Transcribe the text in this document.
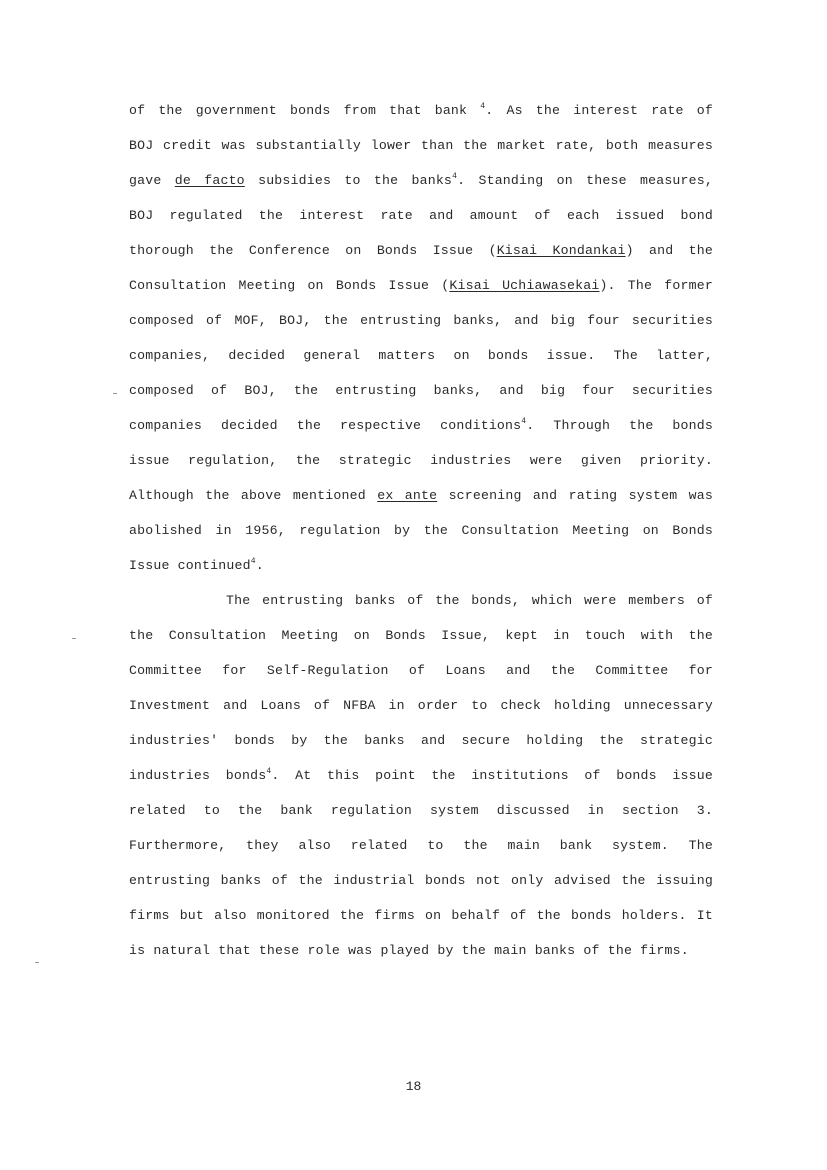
of the government bonds from that bank $^4$. As the interest rate of
BOJ credit was substantially lower than the market rate, both measures
gave de facto subsidies to the banks$^4$. Standing on these measures,
BOJ regulated the interest rate and amount of each issued bond
thorough the Conference on Bonds Issue (Kisai Kondankai) and the
Consultation Meeting on Bonds Issue (Kisai Uchiawasekai). The former
composed of MOF, BOJ, the entrusting banks, and big four securities
companies, decided general matters on bonds issue. The latter,
composed of BOJ, the entrusting banks, and big four securities
companies decided the respective conditions$^4$. Through the bonds
issue regulation, the strategic industries were given priority.
Although the above mentioned ex ante screening and rating system was
abolished in 1956, regulation by the Consultation Meeting on Bonds
Issue continued$^4$.
The entrusting banks of the bonds, which were members of
the Consultation Meeting on Bonds Issue, kept in touch with the
Committee for Self-Regulation of Loans and the Committee for
Investment and Loans of NFBA in order to check holding unnecessary
industries' bonds by the banks and secure holding the strategic
industries bonds$^4$. At this point the institutions of bonds issue
related to the bank regulation system discussed in section 3.
Furthermore, they also related to the main bank system. The
entrusting banks of the industrial bonds not only advised the issuing
firms but also monitored the firms on behalf of the bonds holders. It
is natural that these role was played by the main banks of the firms.
18
